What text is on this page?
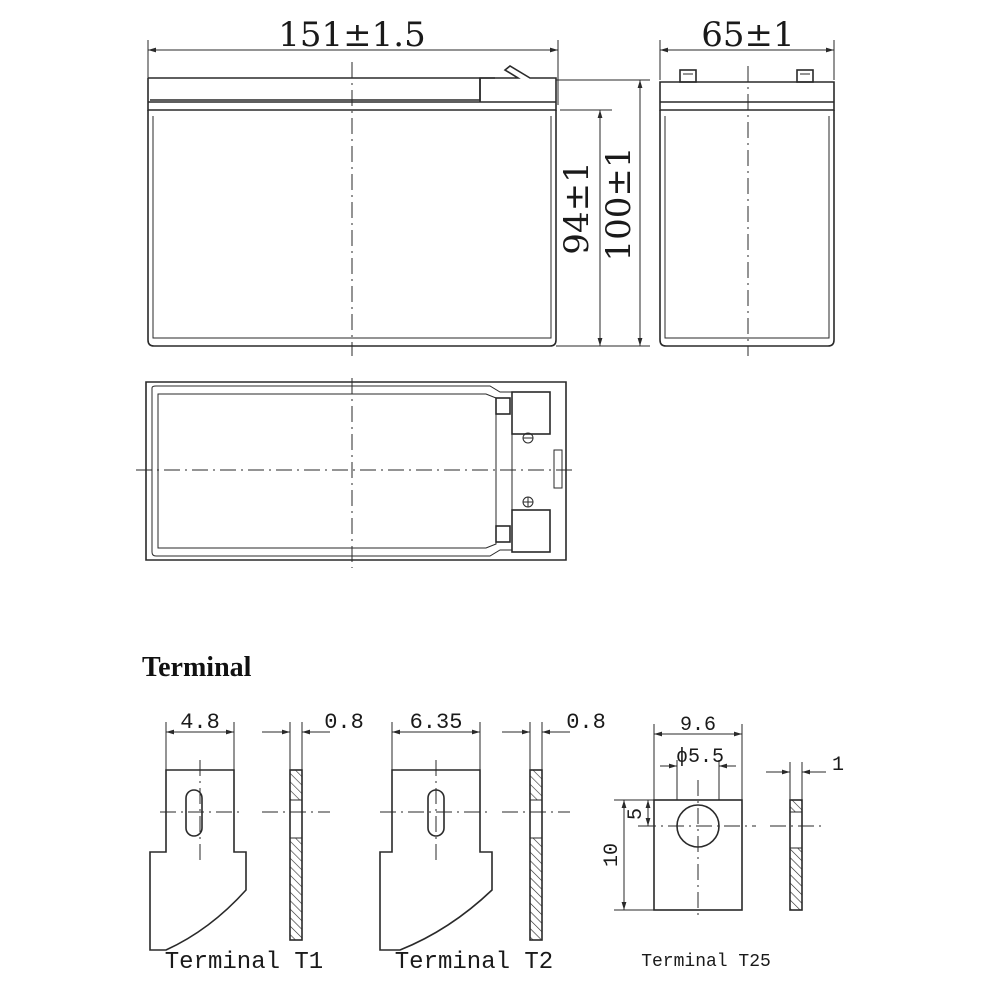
151±1.5
94±1 100±1
65±1
Terminal
4.8	0.8
Terminal T1
6.35	0.8
Terminal T2
9.6
ϕ5.5
5
10
1
Terminal T25
